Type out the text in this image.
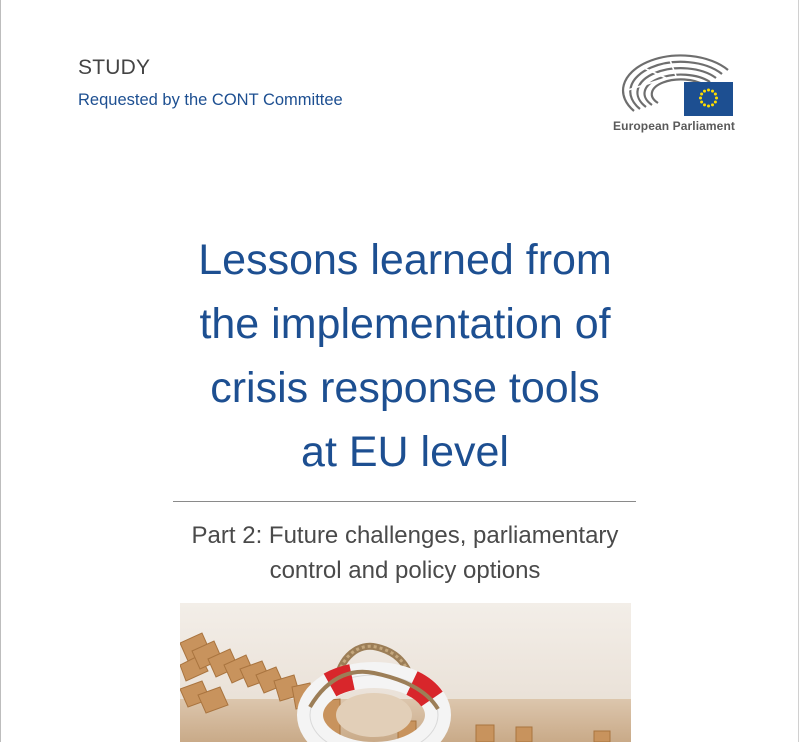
STUDY
Requested by the CONT Committee
European Parliament
Lessons learned from
the implementation of
crisis response tools
at EU level
Part 2: Future challenges, parliamentary
control and policy options
